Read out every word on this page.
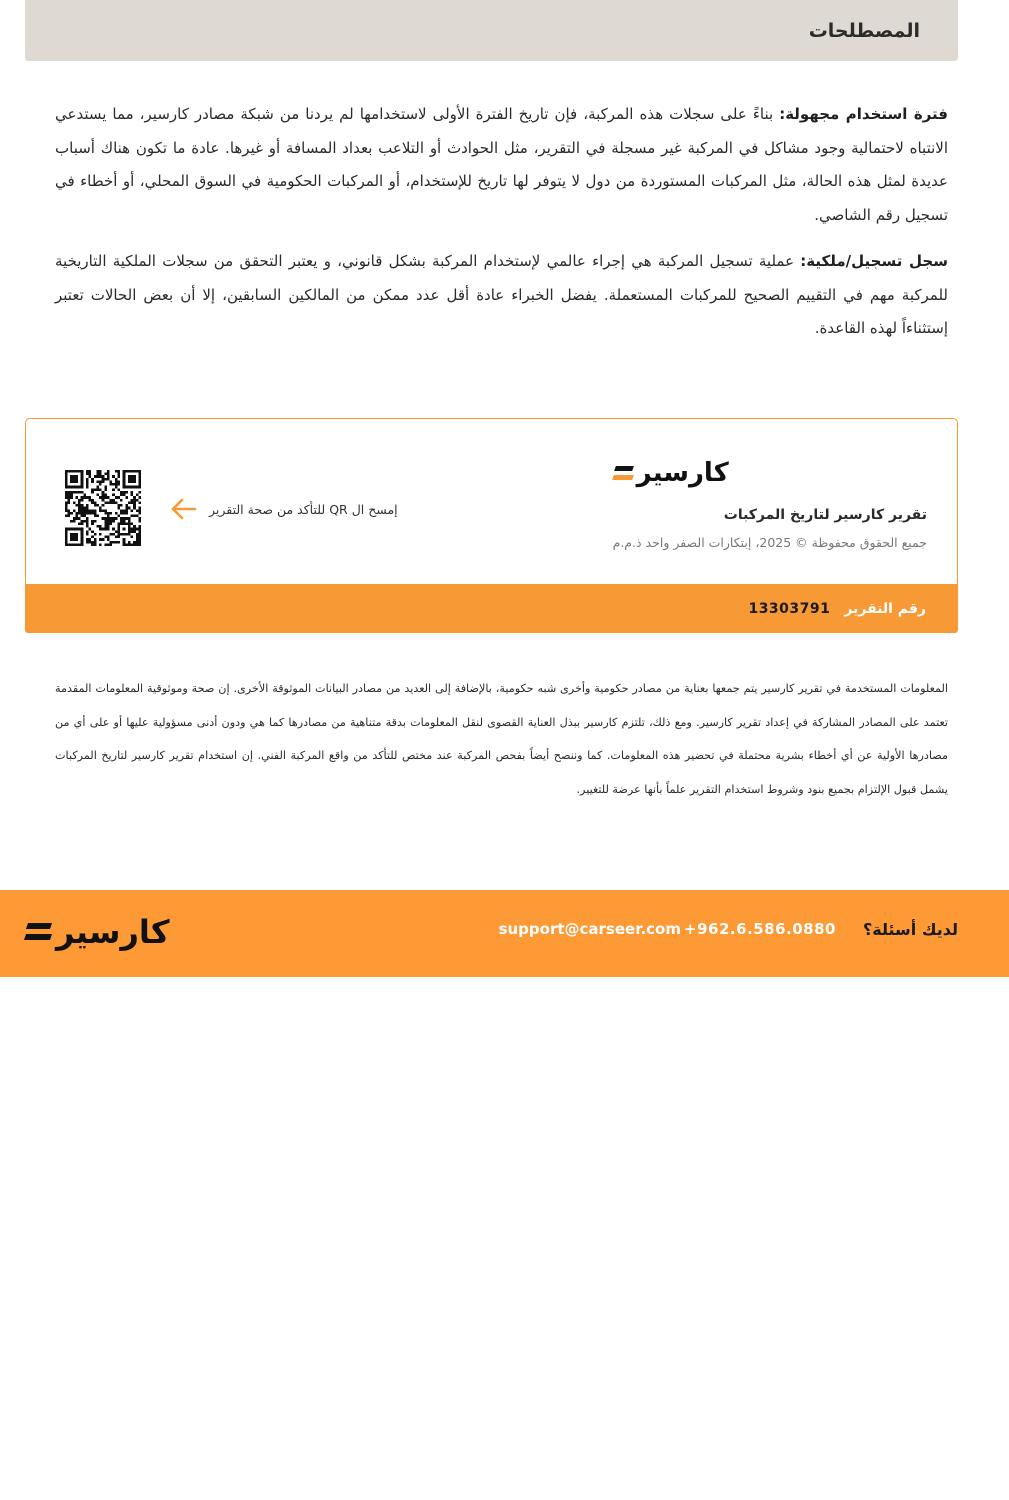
المصطلحات

فترة استخدام مجهولة: بناءً على سجلات هذه المركبة، فإن تاريخ الفترة الأولى لاستخدامها لم يردنا من شبكة مصادر كارسير، مما يستدعي الانتباه لاحتمالية وجود مشاكل في المركبة غير مسجلة في التقرير، مثل الحوادث أو التلاعب بعداد المسافة أو غيرها. عادة ما تكون هناك أسباب عديدة لمثل هذه الحالة، مثل المركبات المستوردة من دول لا يتوفر لها تاريخ للإستخدام، أو المركبات الحكومية في السوق المحلي، أو أخطاء في تسجيل رقم الشاصي.

سجل تسجيل/ملكية: عملية تسجيل المركبة هي إجراء عالمي لإستخدام المركبة بشكل قانوني، و يعتبر التحقق من سجلات الملكية التاريخية للمركبة مهم في التقييم الصحيح للمركبات المستعملة. يفضل الخبراء عادة أقل عدد ممكن من المالكين السابقين، إلا أن بعض الحالات تعتبر إستثناءاً لهذه القاعدة.

كارسير
تقرير كارسير لتاريخ المركبات
جميع الحقوق محفوظة © 2025، إبتكارات الصفر واحد ذ.م.م
إمسح ال QR للتأكد من صحة التقرير
رقم التقرير
13303791

المعلومات المستخدمة في تقرير كارسير يتم جمعها بعناية من مصادر حكومية وأخرى شبه حكومية، بالإضافة إلى العديد من مصادر البيانات الموثوقة الأخرى. إن صحة وموثوقية المعلومات المقدمة تعتمد على المصادر المشاركة في إعداد تقرير كارسير. ومع ذلك، تلتزم كارسير ببذل العناية القصوى لنقل المعلومات بدقة متناهية من مصادرها كما هي ودون أدنى مسؤولية عليها أو على أي من مصادرها الأولية عن أي أخطاء بشرية محتملة في تحضير هذه المعلومات. كما وننصح أيضاً بفحص المركبة عند مختص للتأكد من واقع المركبة الفني. إن استخدام تقرير كارسير لتاريخ المركبات يشمل قبول الإلتزام بجميع بنود وشروط استخدام التقرير علماً بأنها عرضة للتغيير.

لديك أسئلة؟
+962.6.586.0880
support@carseer.com
كارسير
